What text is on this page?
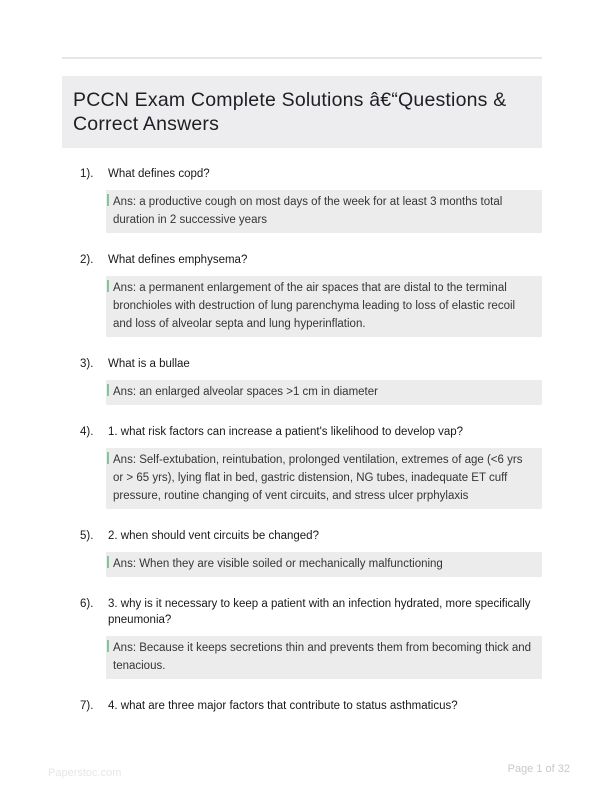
PCCN Exam Complete Solutions â€“Questions & Correct Answers
1).	What defines copd?
Ans: a productive cough on most days of the week for at least 3 months total duration in 2 successive years
2).	What defines emphysema?
Ans: a permanent enlargement of the air spaces that are distal to the terminal bronchioles with destruction of lung parenchyma leading to loss of elastic recoil and loss of alveolar septa and lung hyperinflation.
3).	What is a bullae
Ans: an enlarged alveolar spaces >1 cm in diameter
4).	1. what risk factors can increase a patient's likelihood to develop vap?
Ans: Self-extubation, reintubation, prolonged ventilation, extremes of age (<6 yrs or > 65 yrs), lying flat in bed, gastric distension, NG tubes, inadequate ET cuff pressure, routine changing of vent circuits, and stress ulcer prphylaxis
5).	2. when should vent circuits be changed?
Ans: When they are visible soiled or mechanically malfunctioning
6).	3. why is it necessary to keep a patient with an infection hydrated, more specifically pneumonia?
Ans: Because it keeps secretions thin and prevents them from becoming thick and tenacious.
7).	4. what are three major factors that contribute to status asthmaticus?
Paperstoc.com	Page 1 of 32
